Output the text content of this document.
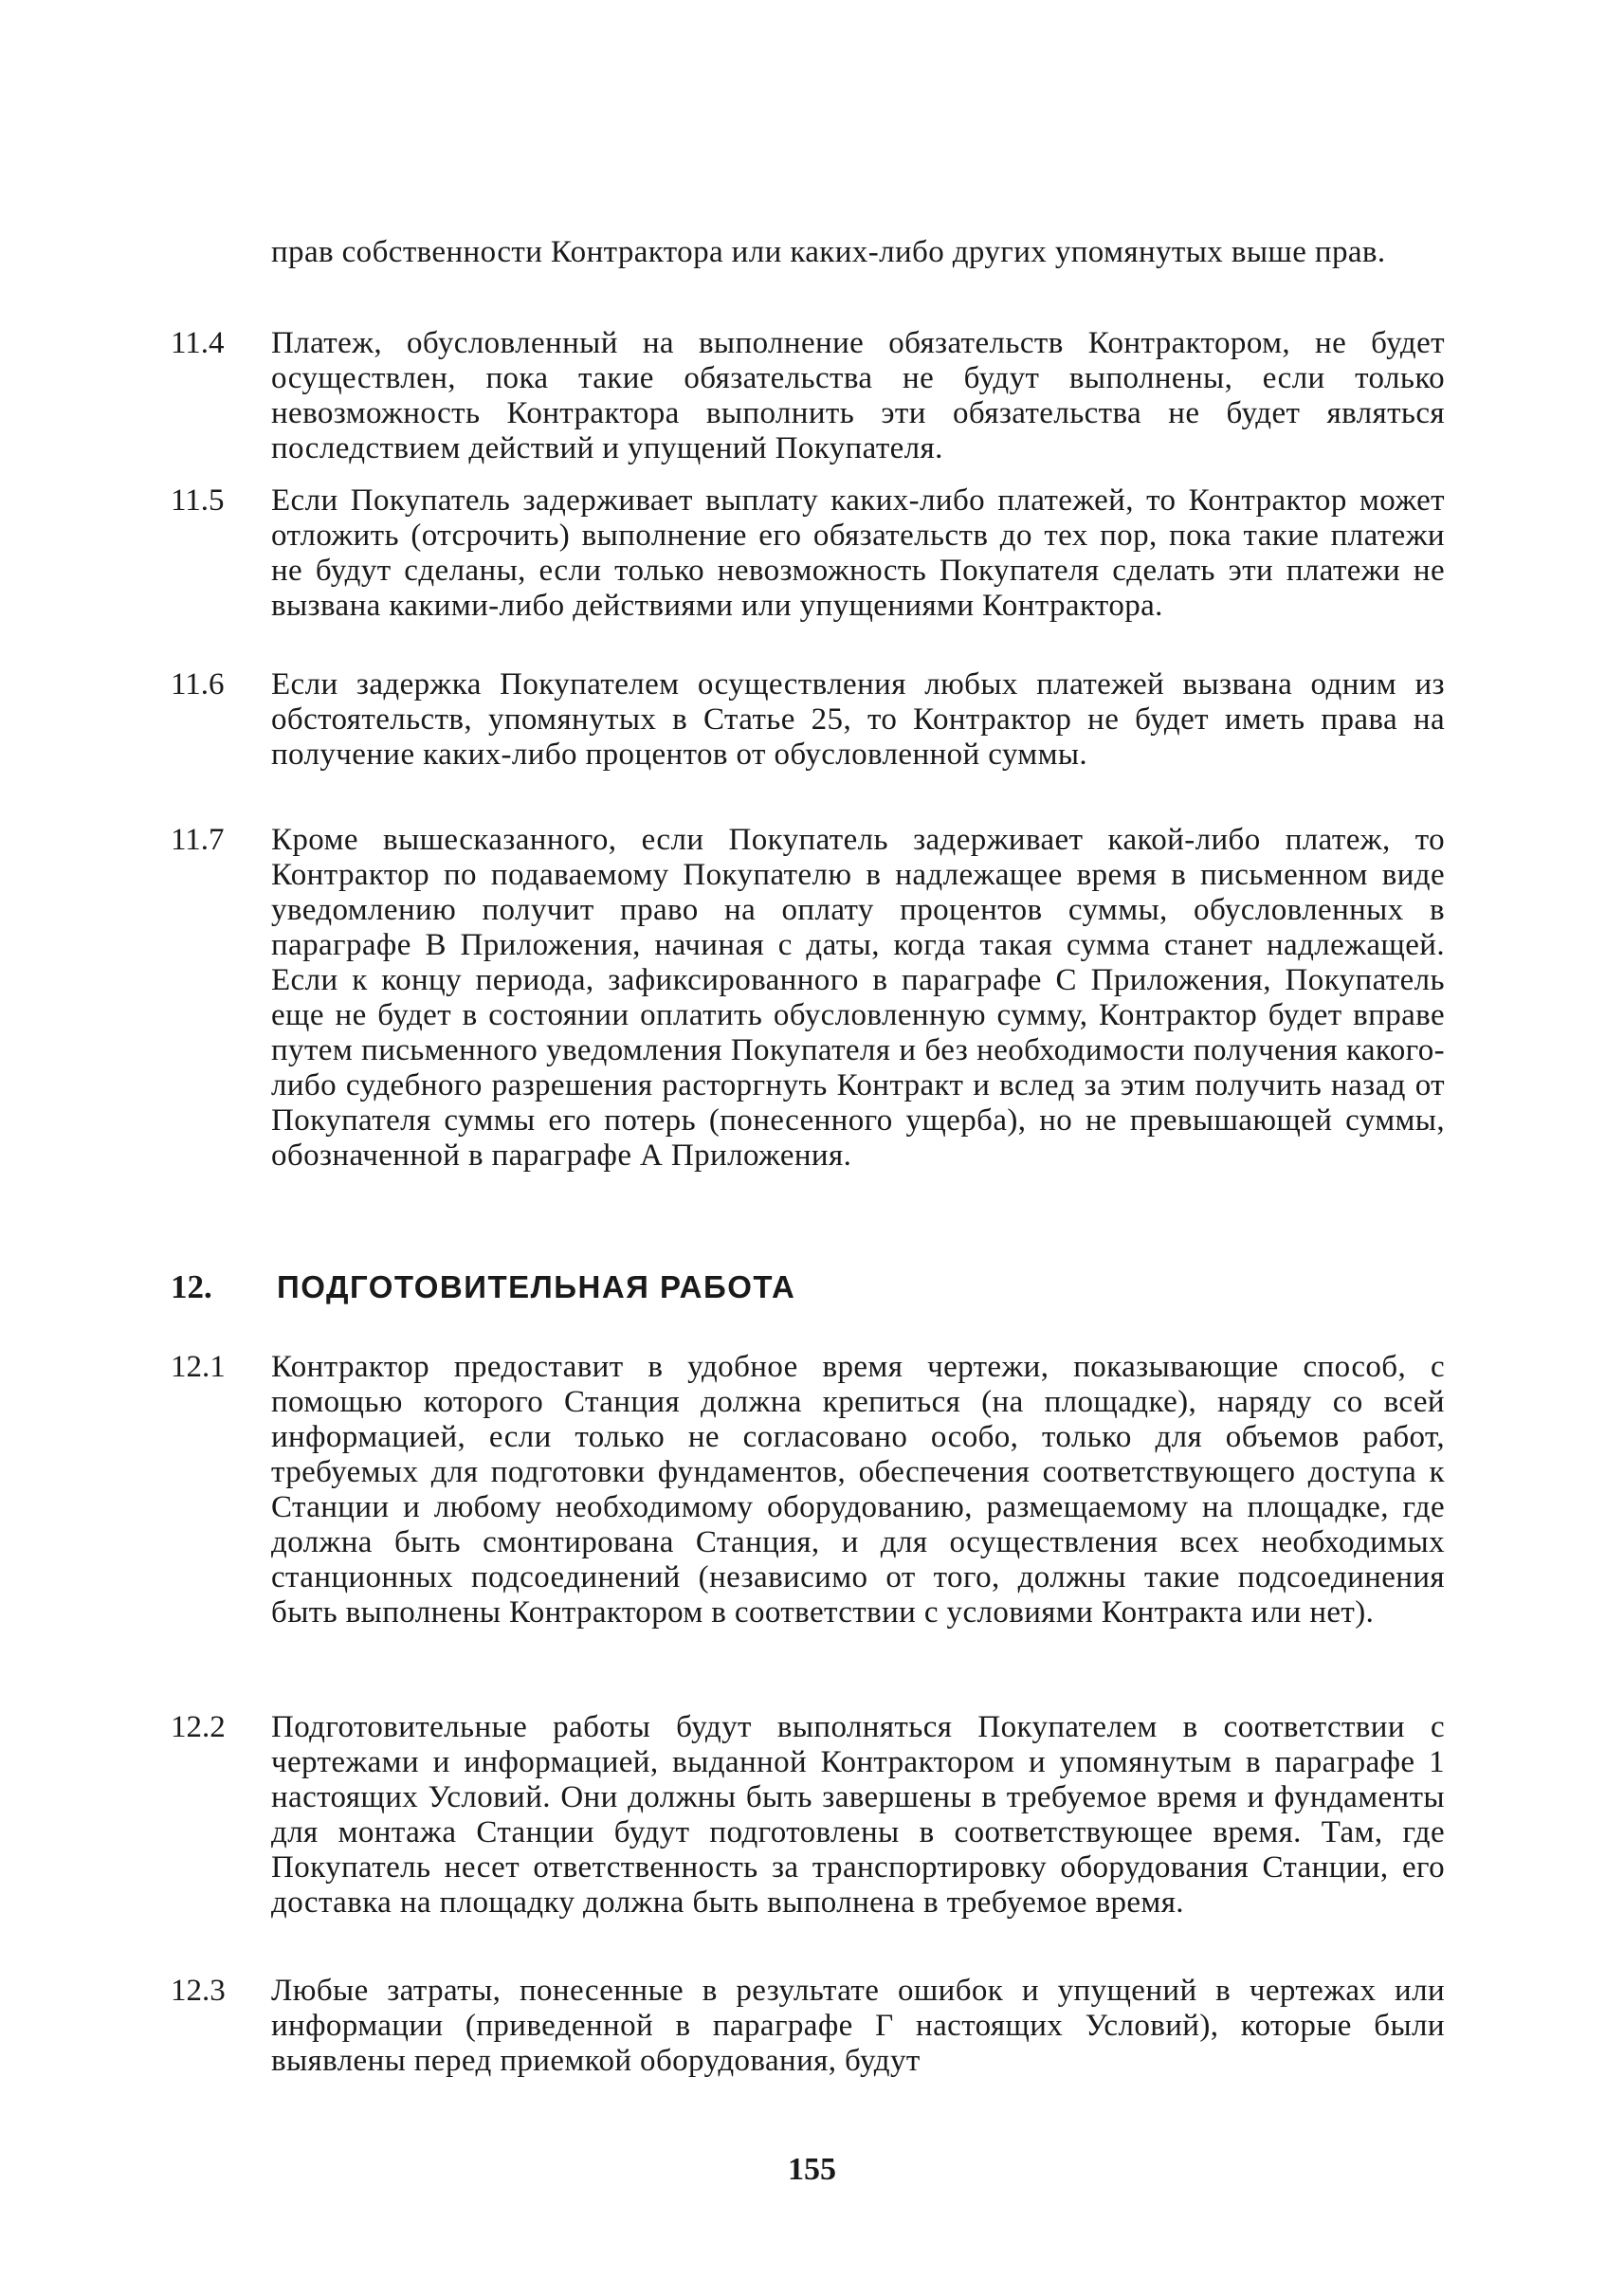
прав собственности Контрактора или каких-либо других упомянутых выше прав.
11.4	Платеж, обусловленный на выполнение обязательств Контрактором, не будет осуществлен, пока такие обязательства не будут выполнены, если только невозможность Контрактора выполнить эти обязательства не будет являться последствием действий и упущений Покупателя.
11.5	Если Покупатель задерживает выплату каких-либо платежей, то Контрактор может отложить (отсрочить) выполнение его обязательств до тех пор, пока такие платежи не будут сделаны, если только невозможность Покупателя сделать эти платежи не вызвана какими-либо действиями или упущениями Контрактора.
11.6	Если задержка Покупателем осуществления любых платежей вызвана одним из обстоятельств, упомянутых в Статье 25, то Контрактор не будет иметь права на получение каких-либо процентов от обусловленной суммы.
11.7	Кроме вышесказанного, если Покупатель задерживает какой-либо платеж, то Контрактор по подаваемому Покупателю в надлежащее время в письменном виде уведомлению получит право на оплату процентов суммы, обусловленных в параграфе В Приложения, начиная с даты, когда такая сумма станет надлежащей. Если к концу периода, зафиксированного в параграфе С Приложения, Покупатель еще не будет в состоянии оплатить обусловленную сумму, Контрактор будет вправе путем письменного уведомления Покупателя и без необходимости получения какого-либо судебного разрешения расторгнуть Контракт и вслед за этим получить назад от Покупателя суммы его потерь (понесенного ущерба), но не превышающей суммы, обозначенной в параграфе А Приложения.
12. ПОДГОТОВИТЕЛЬНАЯ РАБОТА
12.1	Контрактор предоставит в удобное время чертежи, показывающие способ, с помощью которого Станция должна крепиться (на площадке), наряду со всей информацией, если только не согласовано особо, только для объемов работ, требуемых для подготовки фундаментов, обеспечения соответствующего доступа к Станции и любому необходимому оборудованию, размещаемому на площадке, где должна быть смонтирована Станция, и для осуществления всех необходимых станционных подсоединений (независимо от того, должны такие подсоединения быть выполнены Контрактором в соответствии с условиями Контракта или нет).
12.2	Подготовительные работы будут выполняться Покупателем в соответствии с чертежами и информацией, выданной Контрактором и упомянутым в параграфе 1 настоящих Условий. Они должны быть завершены в требуемое время и фундаменты для монтажа Станции будут подготовлены в соответствующее время. Там, где Покупатель несет ответственность за транспортировку оборудования Станции, его доставка на площадку должна быть выполнена в требуемое время.
12.3	Любые затраты, понесенные в результате ошибок и упущений в чертежах или информации (приведенной в параграфе Г настоящих Условий), которые были выявлены перед приемкой оборудования, будут
155
